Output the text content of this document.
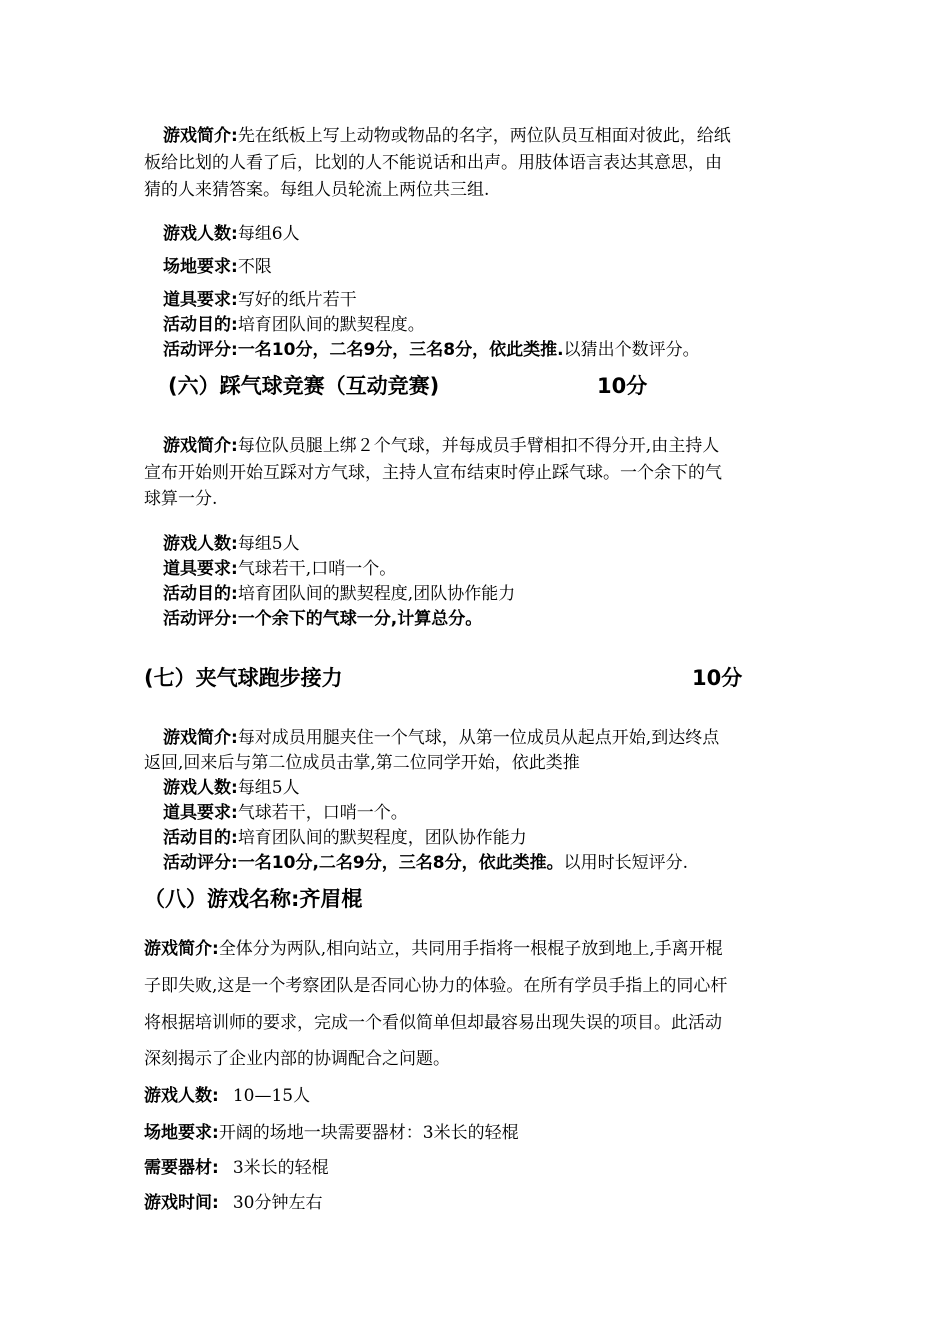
游戏简介:先在纸板上写上动物或物品的名字，两位队员互相面对彼此，给纸
板给比划的人看了后，比划的人不能说话和出声。用肢体语言表达其意思，由
猜的人来猜答案。每组人员轮流上两位共三组.
游戏人数:每组6人
场地要求:不限
道具要求:写好的纸片若干
活动目的:培育团队间的默契程度。
活动评分:一名10分，二名9分，三名8分，依此类推.以猜出个数评分。
(六）踩气球竞赛（互动竞赛)	10分
游戏简介:每位队员腿上绑２个气球，并每成员手臂相扣不得分开,由主持人
宣布开始则开始互踩对方气球，主持人宣布结束时停止踩气球。一个余下的气
球算一分.
游戏人数:每组5人
道具要求:气球若干,口哨一个。
活动目的:培育团队间的默契程度,团队协作能力
活动评分:一个余下的气球一分,计算总分。
(七）夹气球跑步接力	10分
游戏简介:每对成员用腿夹住一个气球，从第一位成员从起点开始,到达终点
返回,回来后与第二位成员击掌,第二位同学开始，依此类推
游戏人数:每组5人
道具要求:气球若干，口哨一个。
活动目的:培育团队间的默契程度，团队协作能力
活动评分:一名10分,二名9分，三名8分，依此类推。以用时长短评分.
（八）游戏名称:齐眉棍
游戏简介:全体分为两队,相向站立，共同用手指将一根棍子放到地上,手离开棍
子即失败,这是一个考察团队是否同心协力的体验。在所有学员手指上的同心杆
将根据培训师的要求，完成一个看似简单但却最容易出现失误的项目。此活动
深刻揭示了企业内部的协调配合之问题。
游戏人数: 10—15人
场地要求:开阔的场地一块需要器材：3米长的轻棍
需要器材: 3米长的轻棍
游戏时间: 30分钟左右
